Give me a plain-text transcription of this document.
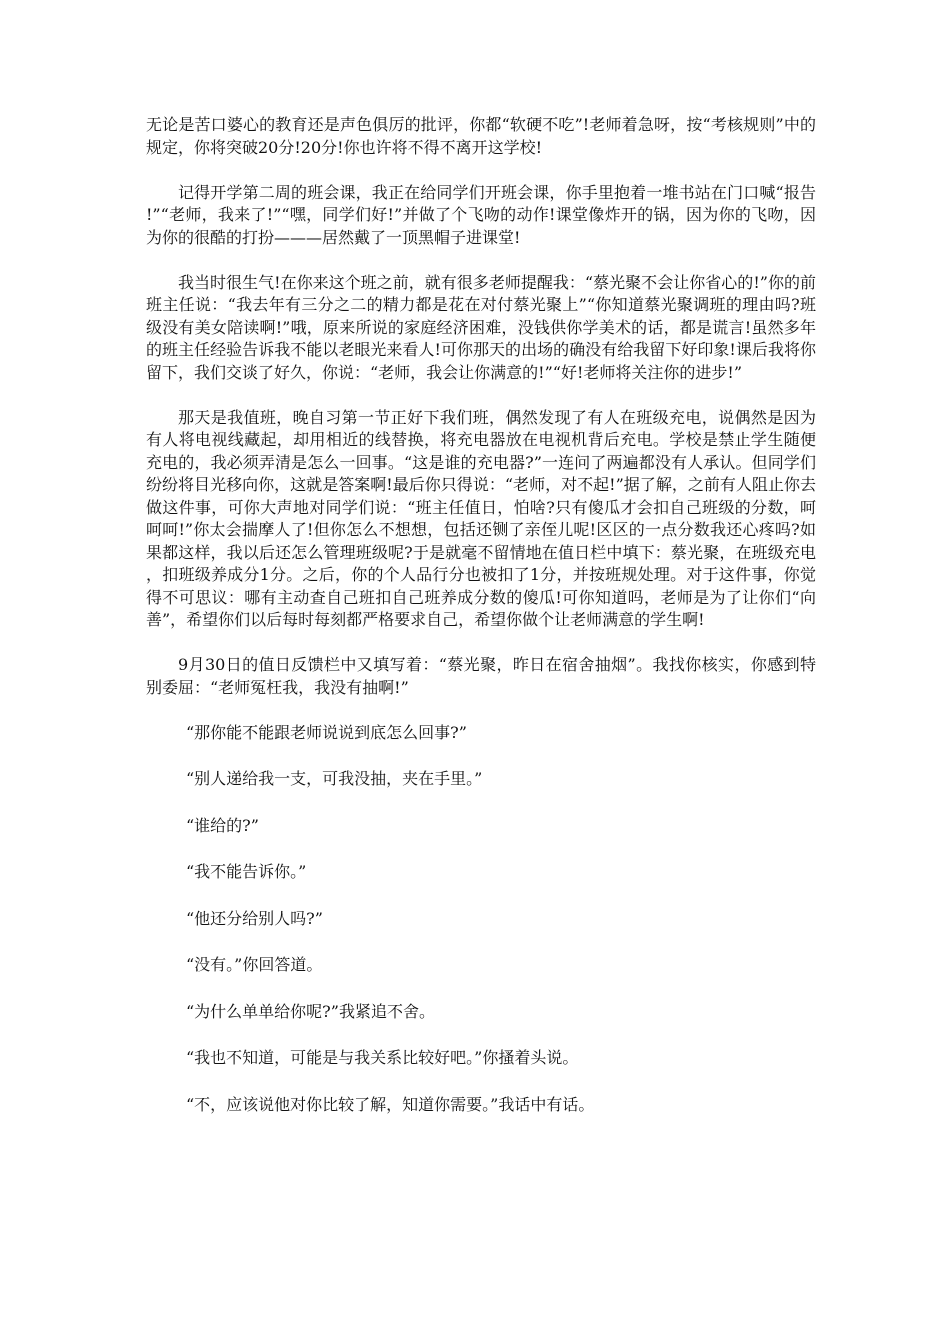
无论是苦口婆心的教育还是声色俱厉的批评，你都“软硬不吃”!老师着急呀，按“考核规则”中的规定，你将突破20分!20分!你也许将不得不离开这学校!

记得开学第二周的班会课，我正在给同学们开班会课，你手里抱着一堆书站在门口喊“报告!”“老师，我来了!”“嘿，同学们好!”并做了个飞吻的动作!课堂像炸开的锅，因为你的飞吻，因为你的很酷的打扮———居然戴了一顶黑帽子进课堂!

我当时很生气!在你来这个班之前，就有很多老师提醒我：“蔡光聚不会让你省心的!”你的前班主任说：“我去年有三分之二的精力都是花在对付蔡光聚上”“你知道蔡光聚调班的理由吗?班级没有美女陪读啊!”哦，原来所说的家庭经济困难，没钱供你学美术的话，都是谎言!虽然多年的班主任经验告诉我不能以老眼光来看人!可你那天的出场的确没有给我留下好印象!课后我将你留下，我们交谈了好久，你说：“老师，我会让你满意的!”“好!老师将关注你的进步!”

那天是我值班，晚自习第一节正好下我们班，偶然发现了有人在班级充电，说偶然是因为有人将电视线藏起，却用相近的线替换，将充电器放在电视机背后充电。学校是禁止学生随便充电的，我必须弄清是怎么一回事。“这是谁的充电器?”一连问了两遍都没有人承认。但同学们纷纷将目光移向你，这就是答案啊!最后你只得说：“老师，对不起!”据了解，之前有人阻止你去做这件事，可你大声地对同学们说：“班主任值日，怕啥?只有傻瓜才会扣自己班级的分数，呵呵呵!”你太会揣摩人了!但你怎么不想想，包括还铡了亲侄儿呢!区区的一点分数我还心疼吗?如果都这样，我以后还怎么管理班级呢?于是就毫不留情地在值日栏中填下：蔡光聚，在班级充电，扣班级养成分1分。之后，你的个人品行分也被扣了1分，并按班规处理。对于这件事，你觉得不可思议：哪有主动查自己班扣自己班养成分数的傻瓜!可你知道吗，老师是为了让你们“向善”，希望你们以后每时每刻都严格要求自己，希望你做个让老师满意的学生啊!

9月30日的值日反馈栏中又填写着：“蔡光聚，昨日在宿舍抽烟”。我找你核实，你感到特别委屈：“老师冤枉我，我没有抽啊!”

“那你能不能跟老师说说到底怎么回事?”

“别人递给我一支，可我没抽，夹在手里。”

“谁给的?”

“我不能告诉你。”

“他还分给别人吗?”

“没有。”你回答道。

“为什么单单给你呢?”我紧追不舍。

“我也不知道，可能是与我关系比较好吧。”你搔着头说。

“不，应该说他对你比较了解，知道你需要。”我话中有话。
